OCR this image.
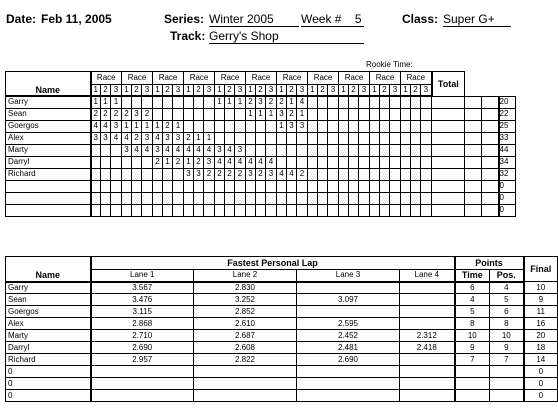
Date: Feb 11, 2005	Series: Winter 2005	Week # 5	Class: Super G+
Track: Gerry's Shop
Rookie Time:
	Race			Race			Race			Race			Race			Race			Race			Race			Race			Race			Race			Total			
Name	1	2	3	1	2	3	1	2	3	1	2	3	1	2	3	1	2	3	1	2	3	1	2	3	1	2	3	1	2	3	1	2	3				
Garry	1	1	1										1	1	1	2	3	2	2	1	4																20
Sean	2	2	2	2	3	2										1	1	1	3	2	1																22
Goergos	4	4	3	1	1	1	1	2	1										1	3	3																25
Alex	3	3	4	4	2	3	4	3	3	2	1	1																									33
Marty				3	4	4	3	4	4	4	4	4	3	4	3																						44
Darryl							2	1	2	1	2	3	4	4	4	4	4	4																			34
Richard										3	3	2	2	2	2	3	2	3	4	4	2																32
																																					0
																																					0
																																					0
	Fastest Personal Lap				Points		Final
Name	Lane 1	Lane 2	Lane 3	Lane 4	Time	Pos.	
Garry	3.567	2.830			6	4	10
Sean	3.476	3.252	3.097		4	5	9
Goergos	3.115	2.852			5	6	11
Alex	2.868	2.610	2.595		8	8	16
Marty	2.710	2.687	2.452	2.312	10	10	20
Darryl	2.690	2.608	2.481	2.418	9	9	18
Richard	2.957	2.822	2.690		7	7	14
0							0
0							0
0							0
